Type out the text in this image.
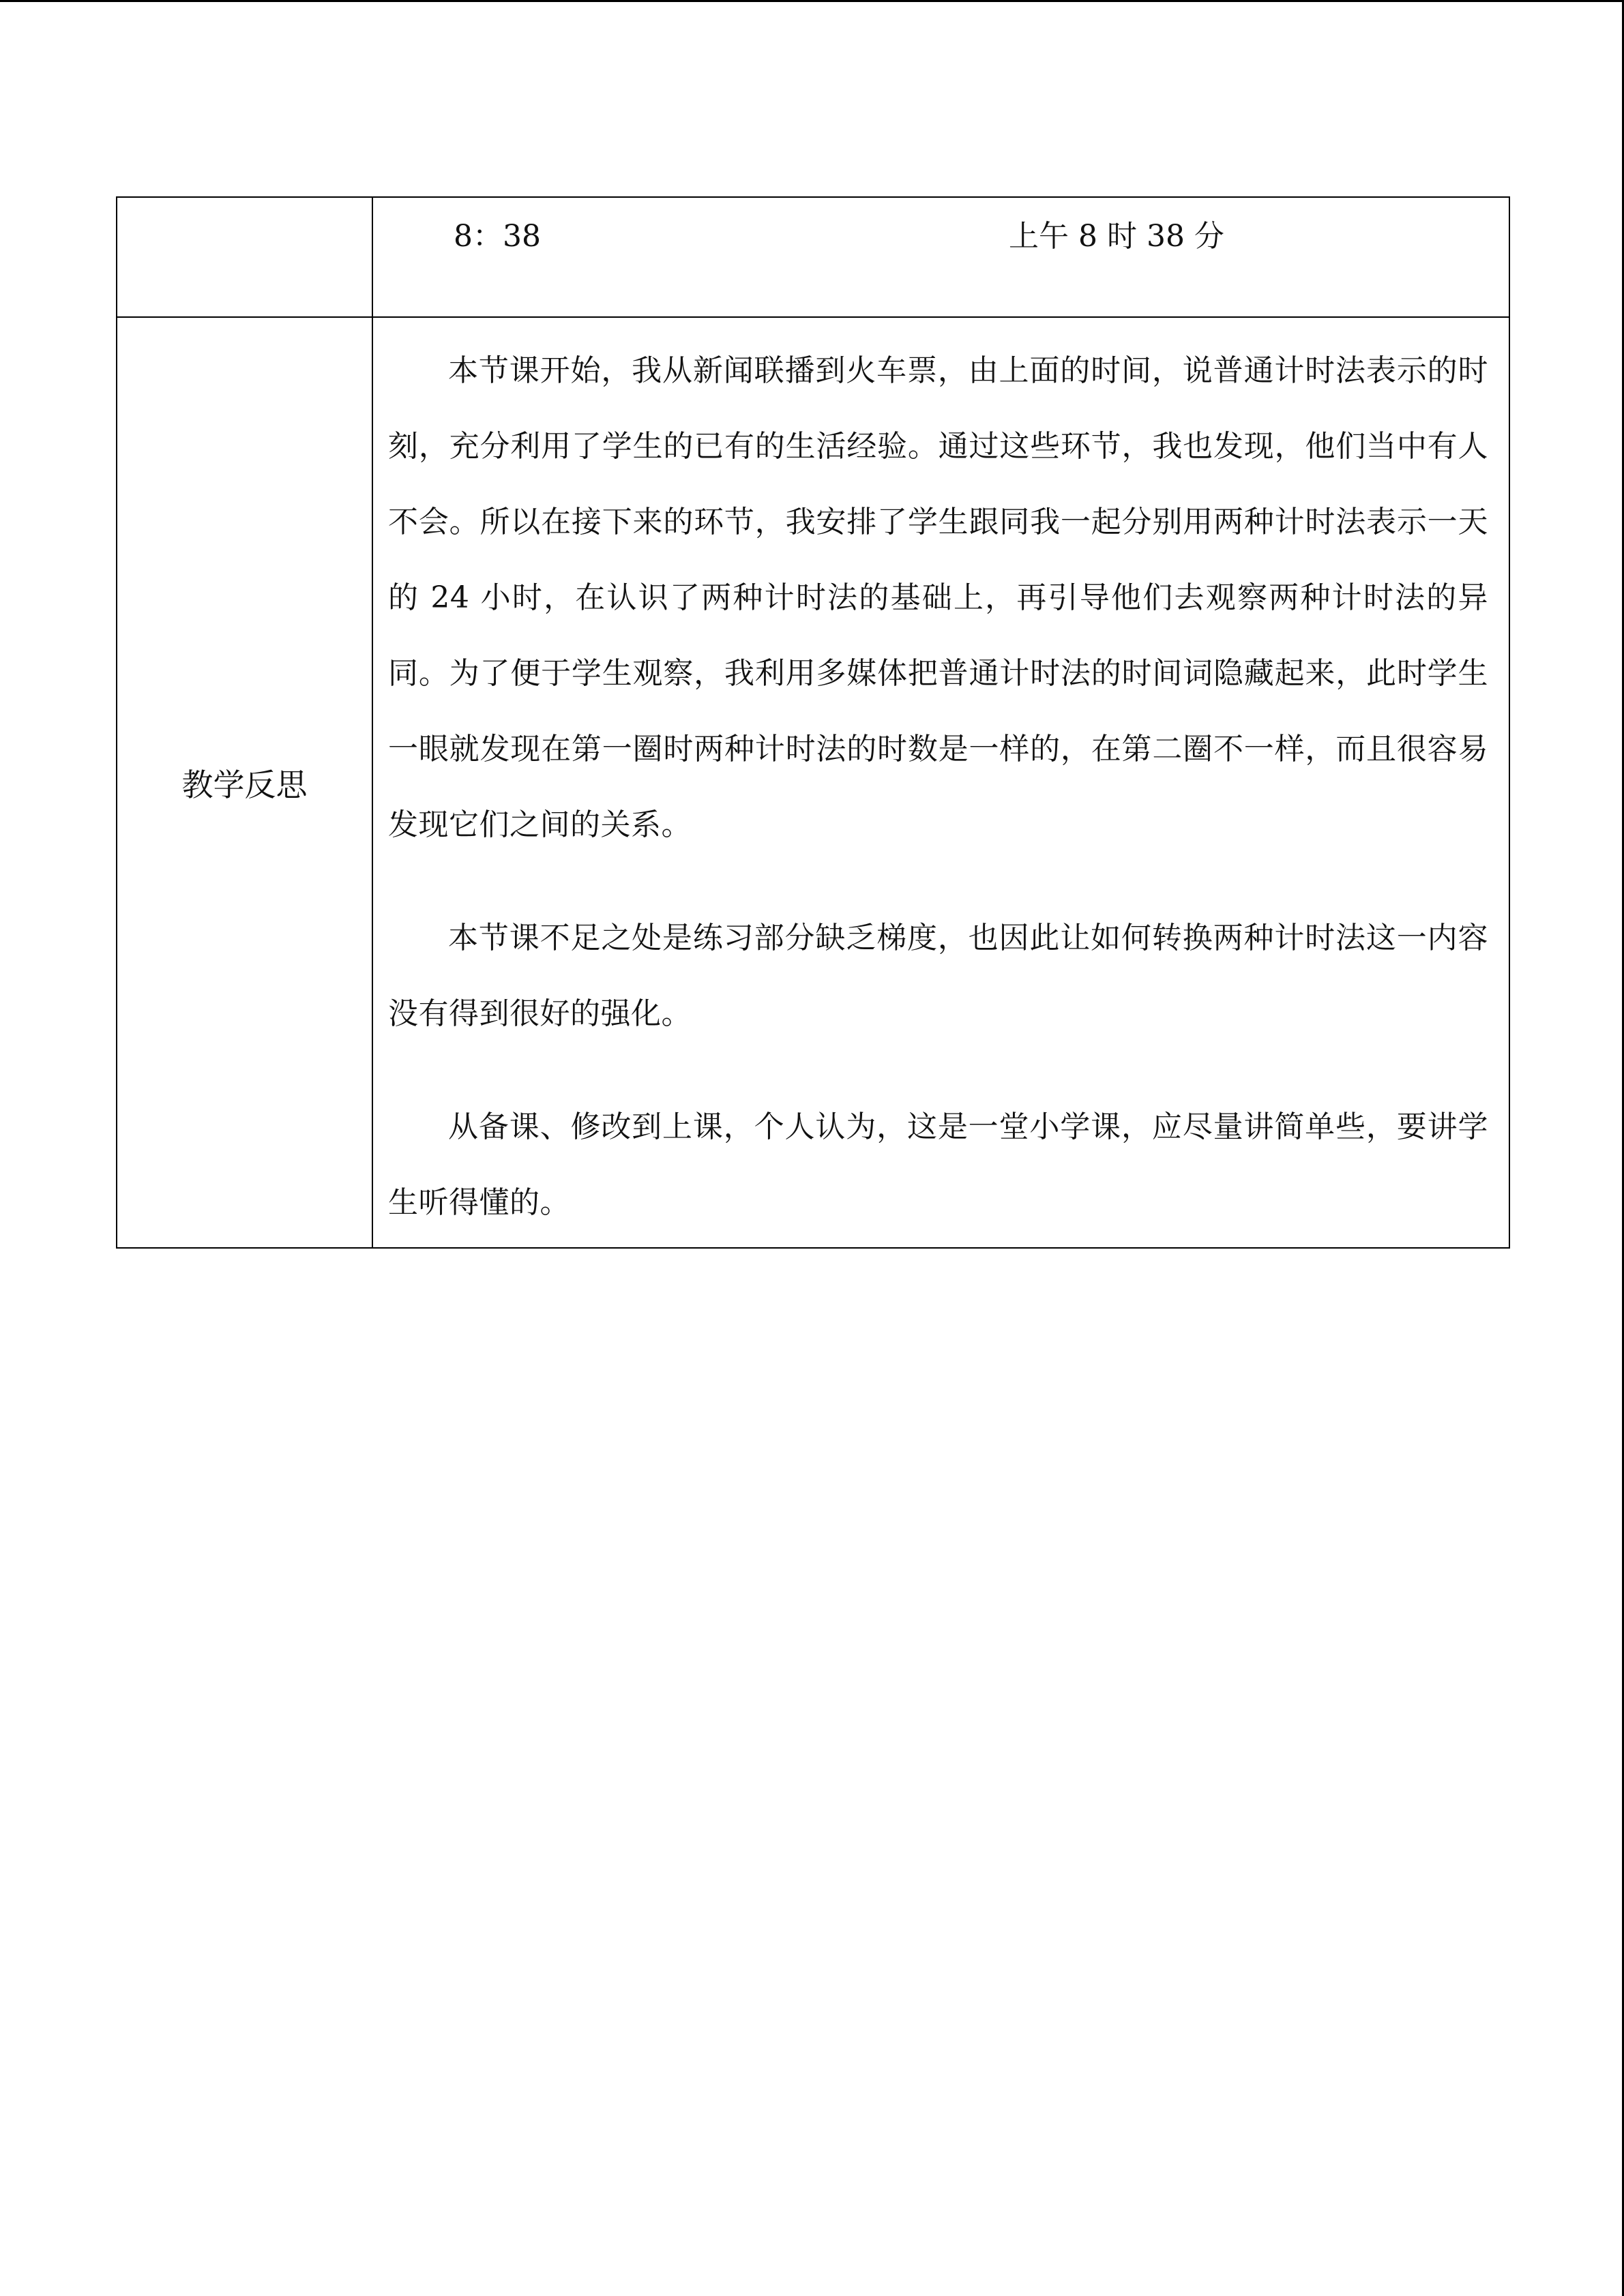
	8：38 上午 8 时 38 分

教学反思	本节课开始，我从新闻联播到火车票，由上面的时间，说普通计时法表示的时刻，充分利用了学生的已有的生活经验。通过这些环节，我也发现，他们当中有人不会。所以在接下来的环节，我安排了学生跟同我一起分别用两种计时法表示一天的 24 小时，在认识了两种计时法的基础上，再引导他们去观察两种计时法的异同。为了便于学生观察，我利用多媒体把普通计时法的时间词隐藏起来，此时学生一眼就发现在第一圈时两种计时法的时数是一样的，在第二圈不一样，而且很容易发现它们之间的关系。

本节课不足之处是练习部分缺乏梯度，也因此让如何转换两种计时法这一内容没有得到很好的强化。

从备课、修改到上课，个人认为，这是一堂小学课，应尽量讲简单些，要讲学生听得懂的。
